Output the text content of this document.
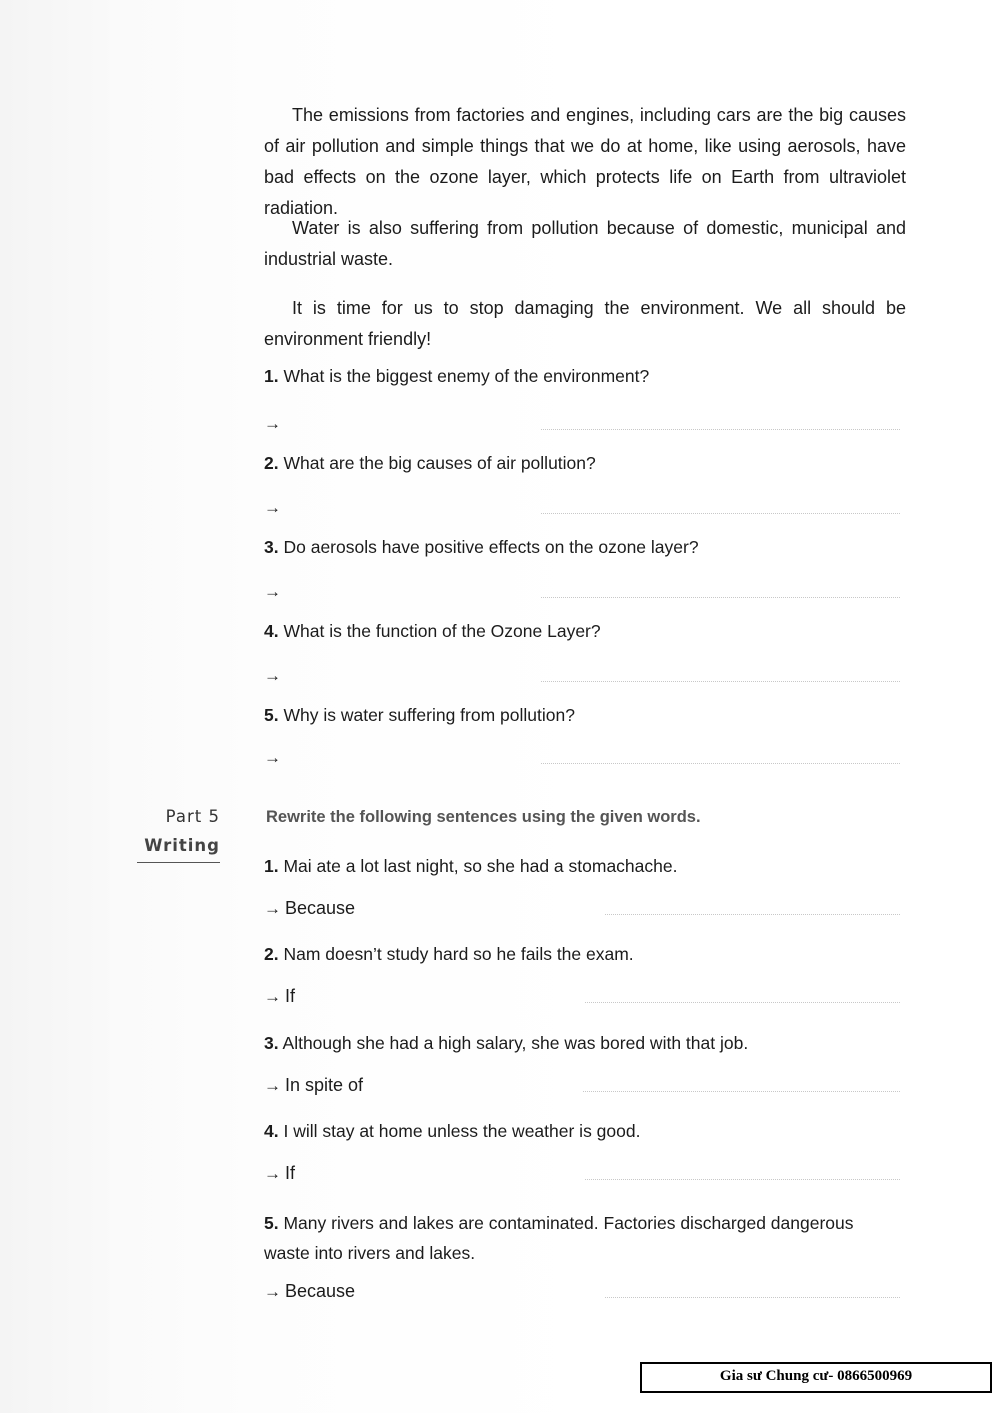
The emissions from factories and engines, including cars are the big causes of air pollution and simple things that we do at home, like using aerosols, have bad effects on the ozone layer, which protects life on Earth from ultraviolet radiation.

Water is also suffering from pollution because of domestic, municipal and industrial waste.

It is time for us to stop damaging the environment. We all should be environment friendly!

1. What is the biggest enemy of the environment?

→

2. What are the big causes of air pollution?

→

3. Do aerosols have positive effects on the ozone layer?

→

4. What is the function of the Ozone Layer?

→

5. Why is water suffering from pollution?

→
Part 5
Writing

Rewrite the following sentences using the given words.

1. Mai ate a lot last night, so she had a stomachache.

→ Because

2. Nam doesn’t study hard so he fails the exam.

→ If

3. Although she had a high salary, she was bored with that job.

→ In spite of

4. I will stay at home unless the weather is good.

→ If

5. Many rivers and lakes are contaminated. Factories discharged dangerous waste into rivers and lakes.

→ Because
Gia sư Chung cư- 0866500969
